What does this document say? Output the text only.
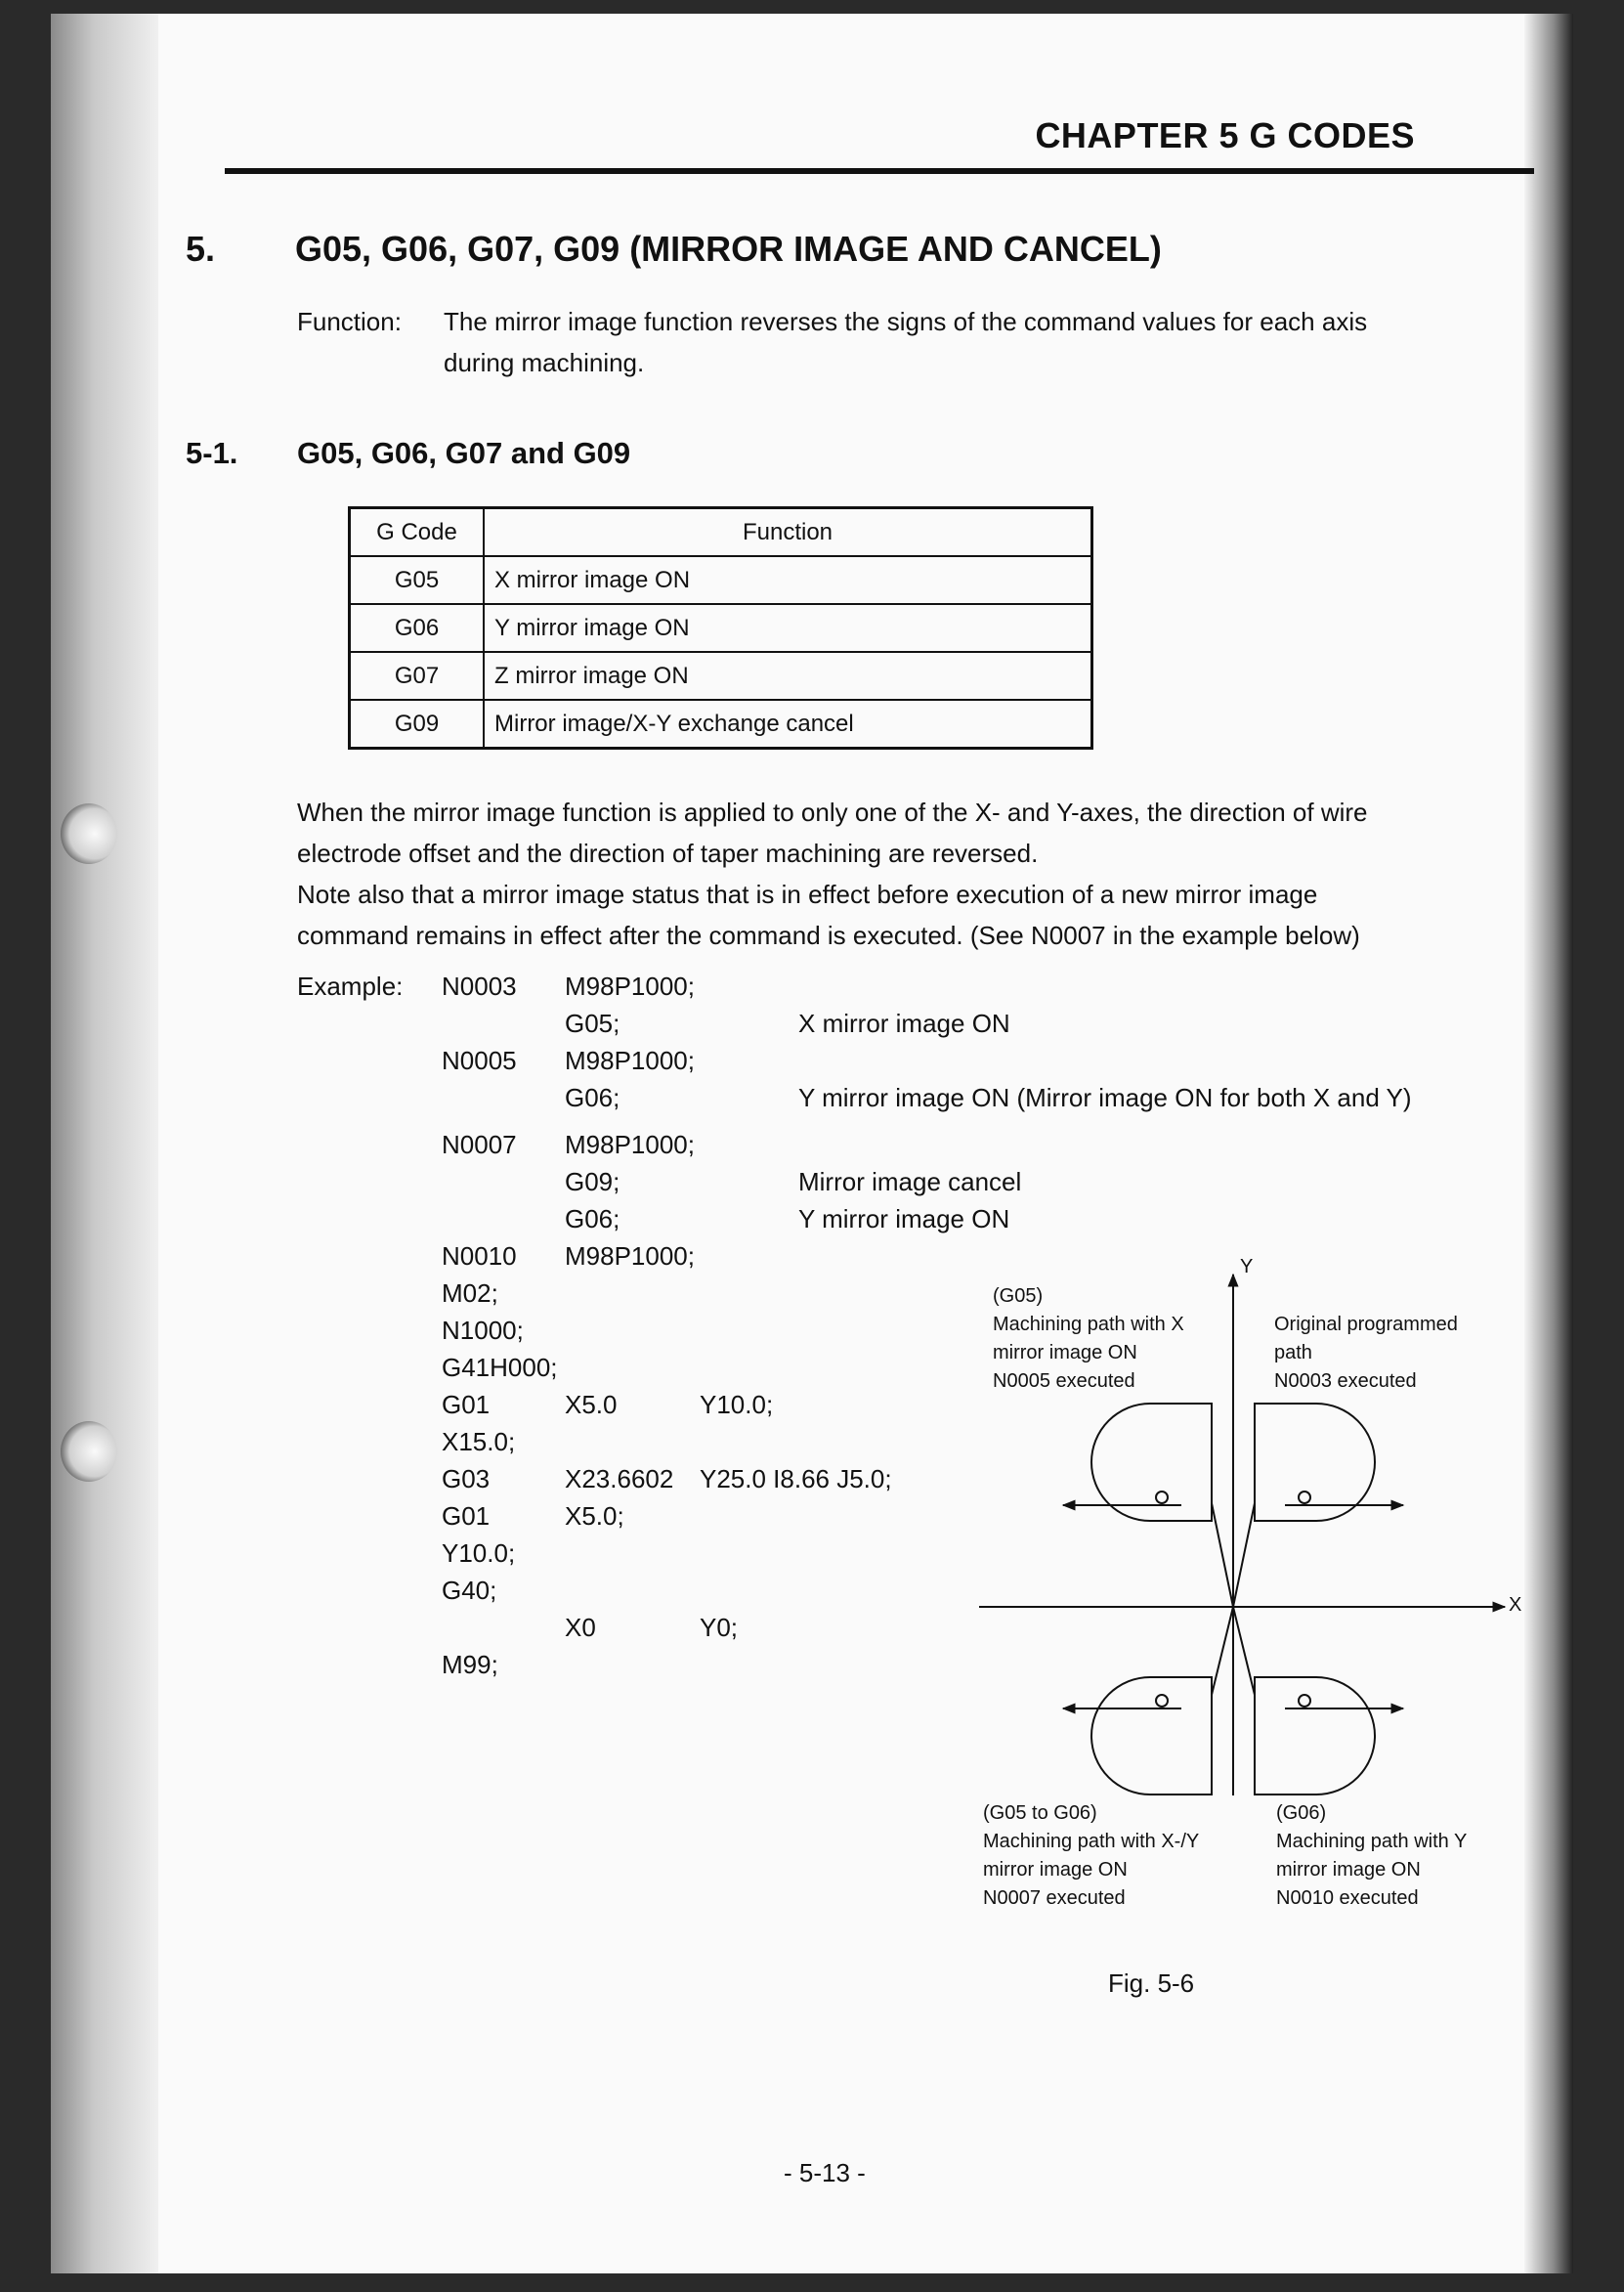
CHAPTER 5 G CODES
5. G05, G06, G07, G09 (MIRROR IMAGE AND CANCEL)
Function: The mirror image function reverses the signs of the command values for each axis
during machining.
5-1. G05, G06, G07 and G09
G Code	Function
G05	X mirror image ON
G06	Y mirror image ON
G07	Z mirror image ON
G09	Mirror image/X-Y exchange cancel
When the mirror image function is applied to only one of the X- and Y-axes, the direction of wire
electrode offset and the direction of taper machining are reversed.
Note also that a mirror image status that is in effect before execution of a new mirror image
command remains in effect after the command is executed. (See N0007 in the example below)
Example:
Y
X
(G05)
Machining path with X
mirror image ON
N0005 executed
Original programmed
path
N0003 executed
(G05 to G06)
Machining path with X-/Y
mirror image ON
N0007 executed
(G06)
Machining path with Y
mirror image ON
N0010 executed
Fig. 5-6
- 5-13 -
N0003 M98P1000;
G05;	X mirror image ON
N0005 M98P1000;
G06;	Y mirror image ON (Mirror image ON for both X and Y)
N0007 M98P1000;
G09;	Mirror image cancel
G06;	Y mirror image ON
N0010 M98P1000;
M02;
N1000;
G41H000;
G01	X5.0	Y10.0;
X15.0;
G03	X23.6602 Y25.0 I8.66 J5.0;
G01	X5.0;
Y10.0;
G40;
X0	Y0;
M99;
